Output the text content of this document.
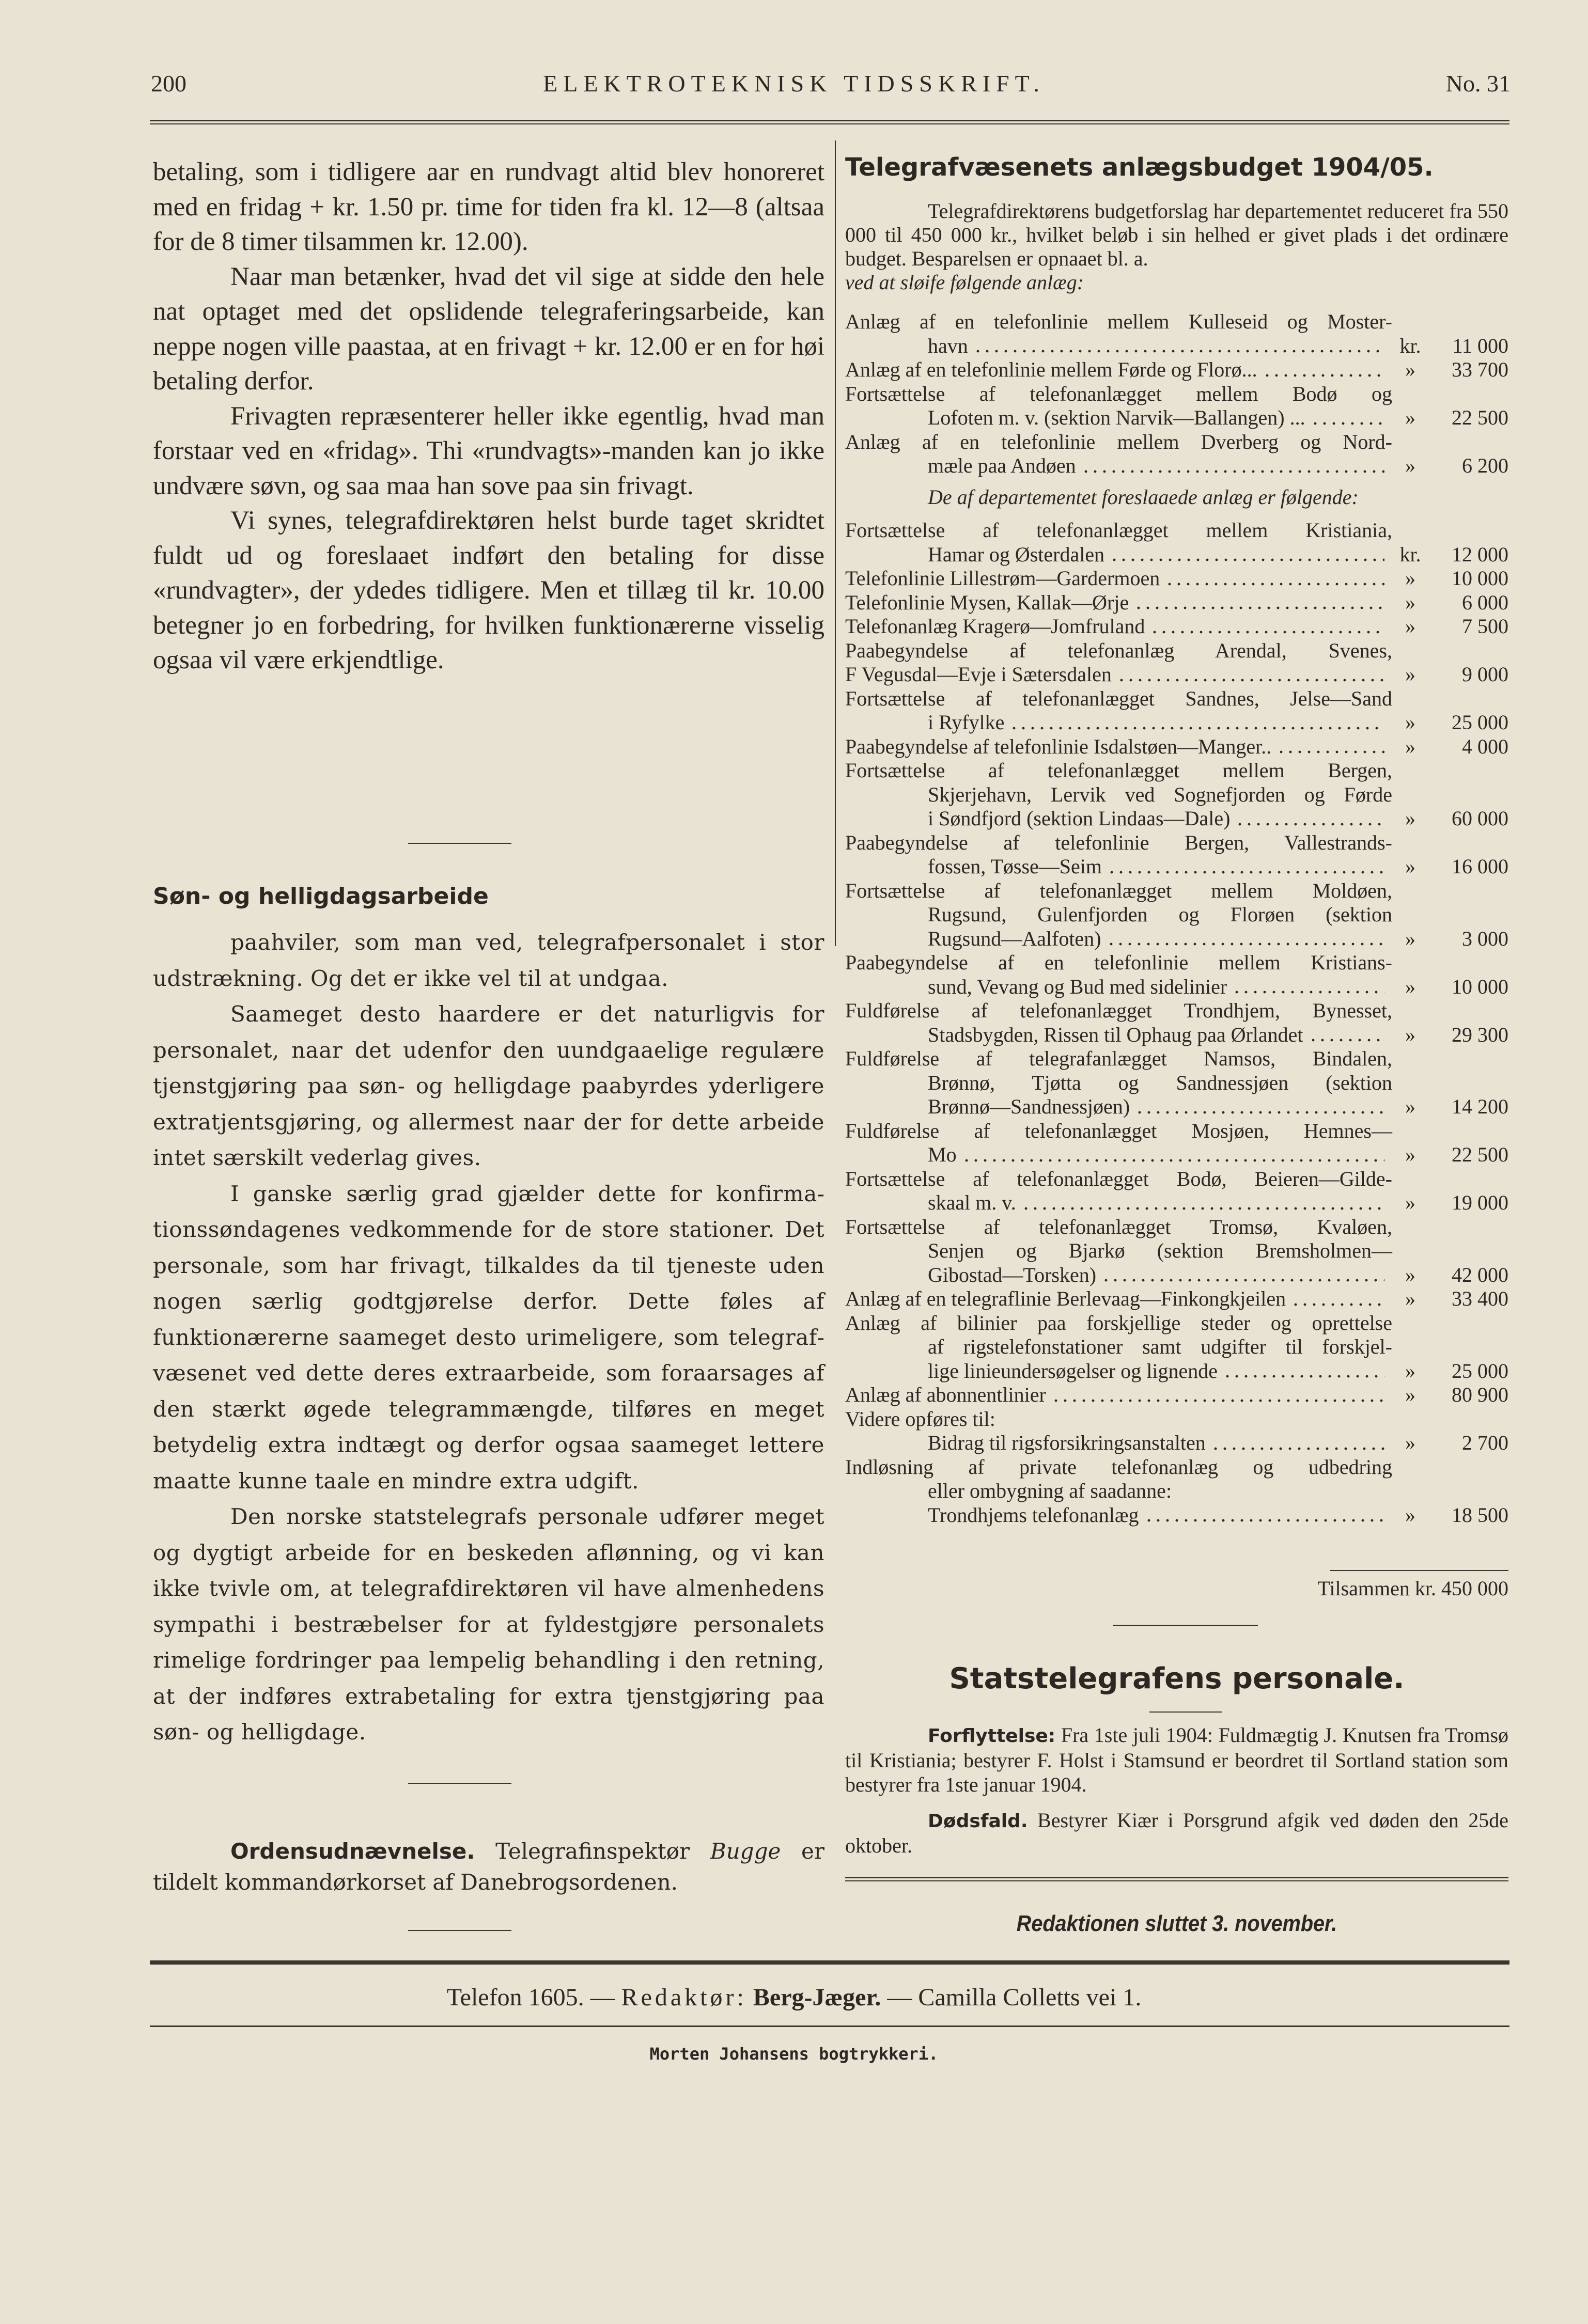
200	ELEKTROTEKNISK TIDSSKRIFT.	No. 31

betaling, som i tidligere aar en rundvagt altid blev honoreret med en fridag + kr. 1.50 pr. time for tiden fra kl. 12—8 (altsaa for de 8 timer tilsammen kr. 12.00).

Naar man betænker, hvad det vil sige at sidde den hele nat optaget med det opslidende telegraferingsarbeide, kan neppe nogen ville paastaa, at en frivagt + kr. 12.00 er en for høi betaling derfor.

Frivagten repræsenterer heller ikke egentlig, hvad man forstaar ved en «fridag». Thi «rundvagts»-manden kan jo ikke undvære søvn, og saa maa han sove paa sin frivagt.

Vi synes, telegrafdirektøren helst burde taget skridtet fuldt ud og foreslaaet indført den betaling for disse «rundvagter», der ydedes tidligere. Men et tillæg til kr. 10.00 betegner jo en forbedring, for hvilken funktionærerne visselig ogsaa vil være erkjendtlige.

Søn- og helligdagsarbeide

paahviler, som man ved, telegrafpersonalet i stor udstrækning. Og det er ikke vel til at undgaa.

Saameget desto haardere er det naturligvis for personalet, naar det udenfor den uundgaaelige regulære tjenstgjøring paa søn- og helligdage paabyrdes yderligere extratjentsgjøring, og allermest naar der for dette arbeide intet særskilt vederlag gives.

I ganske særlig grad gjælder dette for konfirmationssøndagenes vedkommende for de store stationer. Det personale, som har frivagt, tilkaldes da til tjeneste uden nogen særlig godtgjørelse derfor. Dette føles af funktionærerne saameget desto urimeligere, som telegrafvæsenet ved dette deres extraarbeide, som foraarsages af den stærkt øgede telegrammængde, tilføres en meget betydelig extra indtægt og derfor ogsaa saameget lettere maatte kunne taale en mindre extra udgift.

Den norske statstelegrafs personale udfører meget og dygtigt arbeide for en beskeden aflønning, og vi kan ikke tvivle om, at telegrafdirektøren vil have almenhedens sympathi i bestræbelser for at fyldestgjøre personalets rimelige fordringer paa lempelig behandling i den retning, at der indføres extrabetaling for extra tjenstgjøring paa søn- og helligdage.

Ordensudnævnelse. Telegrafinspektør Bugge er tildelt kommandørkorset af Danebrogsordenen.
Telegrafvæsenets anlægsbudget 1904/05.

Telegrafdirektørens budgetforslag har departementet reduceret fra 550 000 til 450 000 kr., hvilket beløb i sin helhed er givet plads i det ordinære budget. Besparelsen er opnaaet bl. a.

ved at sløife følgende anlæg:

Anlæg af en telefonlinie mellem Kulleseid og Moster-
havn	kr.	11 000
Anlæg af en telefonlinie mellem Førde og Florø...	»	33 700
Fortsættelse af telefonanlægget mellem Bodø og
Lofoten m. v. (sektion Narvik—Ballangen) ...	»	22 500
Anlæg af en telefonlinie mellem Dverberg og Nord-
mæle paa Andøen	»	6 200
De af departementet foreslaaede anlæg er følgende:
Fortsættelse af telefonanlægget mellem Kristiania,
Hamar og Østerdalen	kr.	12 000
Telefonlinie Lillestrøm—Gardermoen	»	10 000
Telefonlinie Mysen, Kallak—Ørje	»	6 000
Telefonanlæg Kragerø—Jomfruland	»	7 500
Paabegyndelse af telefonanlæg Arendal, Svenes,
F Vegusdal—Evje i Sætersdalen	»	9 000
Fortsættelse af telefonanlægget Sandnes, Jelse—Sand
i Ryfylke	»	25 000
Paabegyndelse af telefonlinie Isdalstøen—Manger..	»	4 000
Fortsættelse af telefonanlægget mellem Bergen,
Skjerjehavn, Lervik ved Sognefjorden og Førde
i Søndfjord (sektion Lindaas—Dale)	»	60 000
Paabegyndelse af telefonlinie Bergen, Vallestrands-
fossen, Tøsse—Seim	»	16 000
Fortsættelse af telefonanlægget mellem Moldøen,
Rugsund, Gulenfjorden og Florøen (sektion
Rugsund—Aalfoten)	»	3 000
Paabegyndelse af en telefonlinie mellem Kristians-
sund, Vevang og Bud med sidelinier	»	10 000
Fuldførelse af telefonanlægget Trondhjem, Bynesset,
Stadsbygden, Rissen til Ophaug paa Ørlandet	»	29 300
Fuldførelse af telegrafanlægget Namsos, Bindalen,
Brønnø, Tjøtta og Sandnessjøen (sektion
Brønnø—Sandnessjøen)	»	14 200
Fuldførelse af telefonanlægget Mosjøen, Hemnes—
Mo	»	22 500
Fortsættelse af telefonanlægget Bodø, Beieren—Gilde-
skaal m. v.	»	19 000
Fortsættelse af telefonanlægget Tromsø, Kvaløen,
Senjen og Bjarkø (sektion Bremsholmen—
Gibostad—Torsken)	»	42 000
Anlæg af en telegraflinie Berlevaag—Finkongkjeilen	»	33 400
Anlæg af bilinier paa forskjellige steder og oprettelse
af rigstelefonstationer samt udgifter til forskjel-
lige linieundersøgelser og lignende	»	25 000
Anlæg af abonnentlinier	»	80 900
Videre opføres til:
Bidrag til rigsforsikringsanstalten	»	2 700
Indløsning af private telefonanlæg og udbedring
eller ombygning af saadanne:
Trondhjems telefonanlæg	»	18 500
Tilsammen kr. 450 000
Statstelegrafens personale.

Forflyttelse: Fra 1ste juli 1904: Fuldmægtig J. Knutsen fra Tromsø til Kristiania; bestyrer F. Holst i Stamsund er beordret til Sortland station som bestyrer fra 1ste januar 1904.

Dødsfald. Bestyrer Kiær i Porsgrund afgik ved døden den 25de oktober.

Redaktionen sluttet 3. november.
Telefon 1605. — Redaktør: Berg-Jæger. — Camilla Colletts vei 1.
Morten Johansens bogtrykkeri.
